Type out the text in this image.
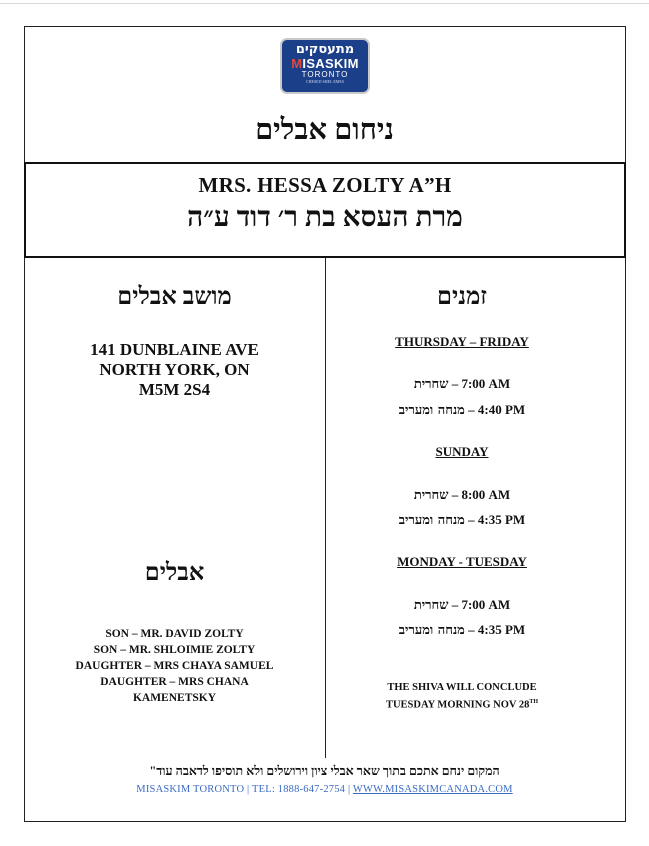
מתעסקים
MISASKIM
TORONTO
CHESED SHEL EMES
ניחום אבלים
MRS. HESSA ZOLTY A”H
מרת העסא בת ר׳ דוד ע״ה
מושב אבלים
141 DUNBLAINE AVE
NORTH YORK, ON
M5M 2S4
אבלים
SON – MR. DAVID ZOLTY
SON – MR. SHLOIMIE ZOLTY
DAUGHTER – MRS CHAYA SAMUEL
DAUGHTER – MRS CHANA
KAMENETSKY
זמנים
THURSDAY – FRIDAY
שחרית – 7:00 AM
מנחה ומעריב – 4:40 PM
SUNDAY
שחרית – 8:00 AM
מנחה ומעריב – 4:35 PM
MONDAY - TUESDAY
שחרית – 7:00 AM
מנחה ומעריב – 4:35 PM
THE SHIVA WILL CONCLUDE
TUESDAY MORNING NOV 28TH
המקום ינחם אתכם בתוך שאר אבלי ציון וירושלים ולא תוסיפו לדאבה עוד"
MISASKIM TORONTO | TEL: 1888-647-2754 | WWW.MISASKIMCANADA.COM
